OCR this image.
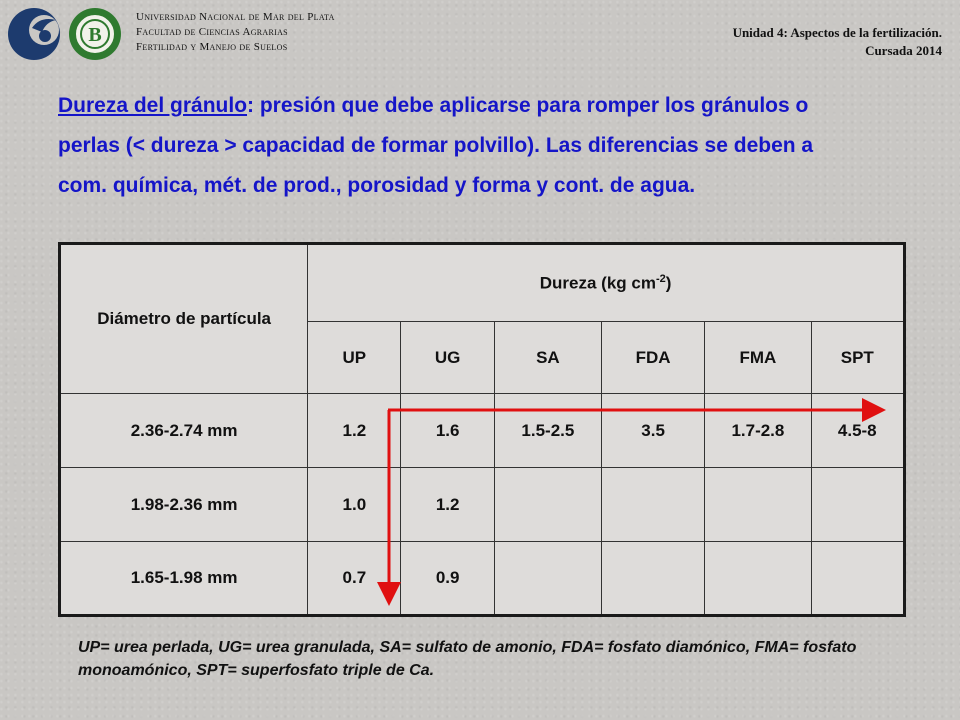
B
Universidad Nacional de Mar del Plata
Facultad de Ciencias Agrarias
Fertilidad y Manejo de Suelos
Unidad 4: Aspectos de la fertilización.
Cursada 2014
Dureza del gránulo: presión que debe aplicarse para romper los gránulos o perlas (< dureza > capacidad de formar polvillo). Las diferencias se deben a com. química, mét. de prod., porosidad y forma y cont. de agua.
Diámetro de partícula	Dureza (kg $cm^{-2}$)					
	UP	UG	SA	FDA	FMA	SPT
2.36-2.74 mm	1.2	1.6	1.5-2.5	3.5	1.7-2.8	4.5-8
1.98-2.36 mm	1.0	1.2				
1.65-1.98 mm	0.7	0.9				
UP= urea perlada, UG= urea granulada, SA= sulfato de amonio, FDA= fosfato diamónico, FMA= fosfato monoamónico, SPT= superfosfato triple de Ca.
